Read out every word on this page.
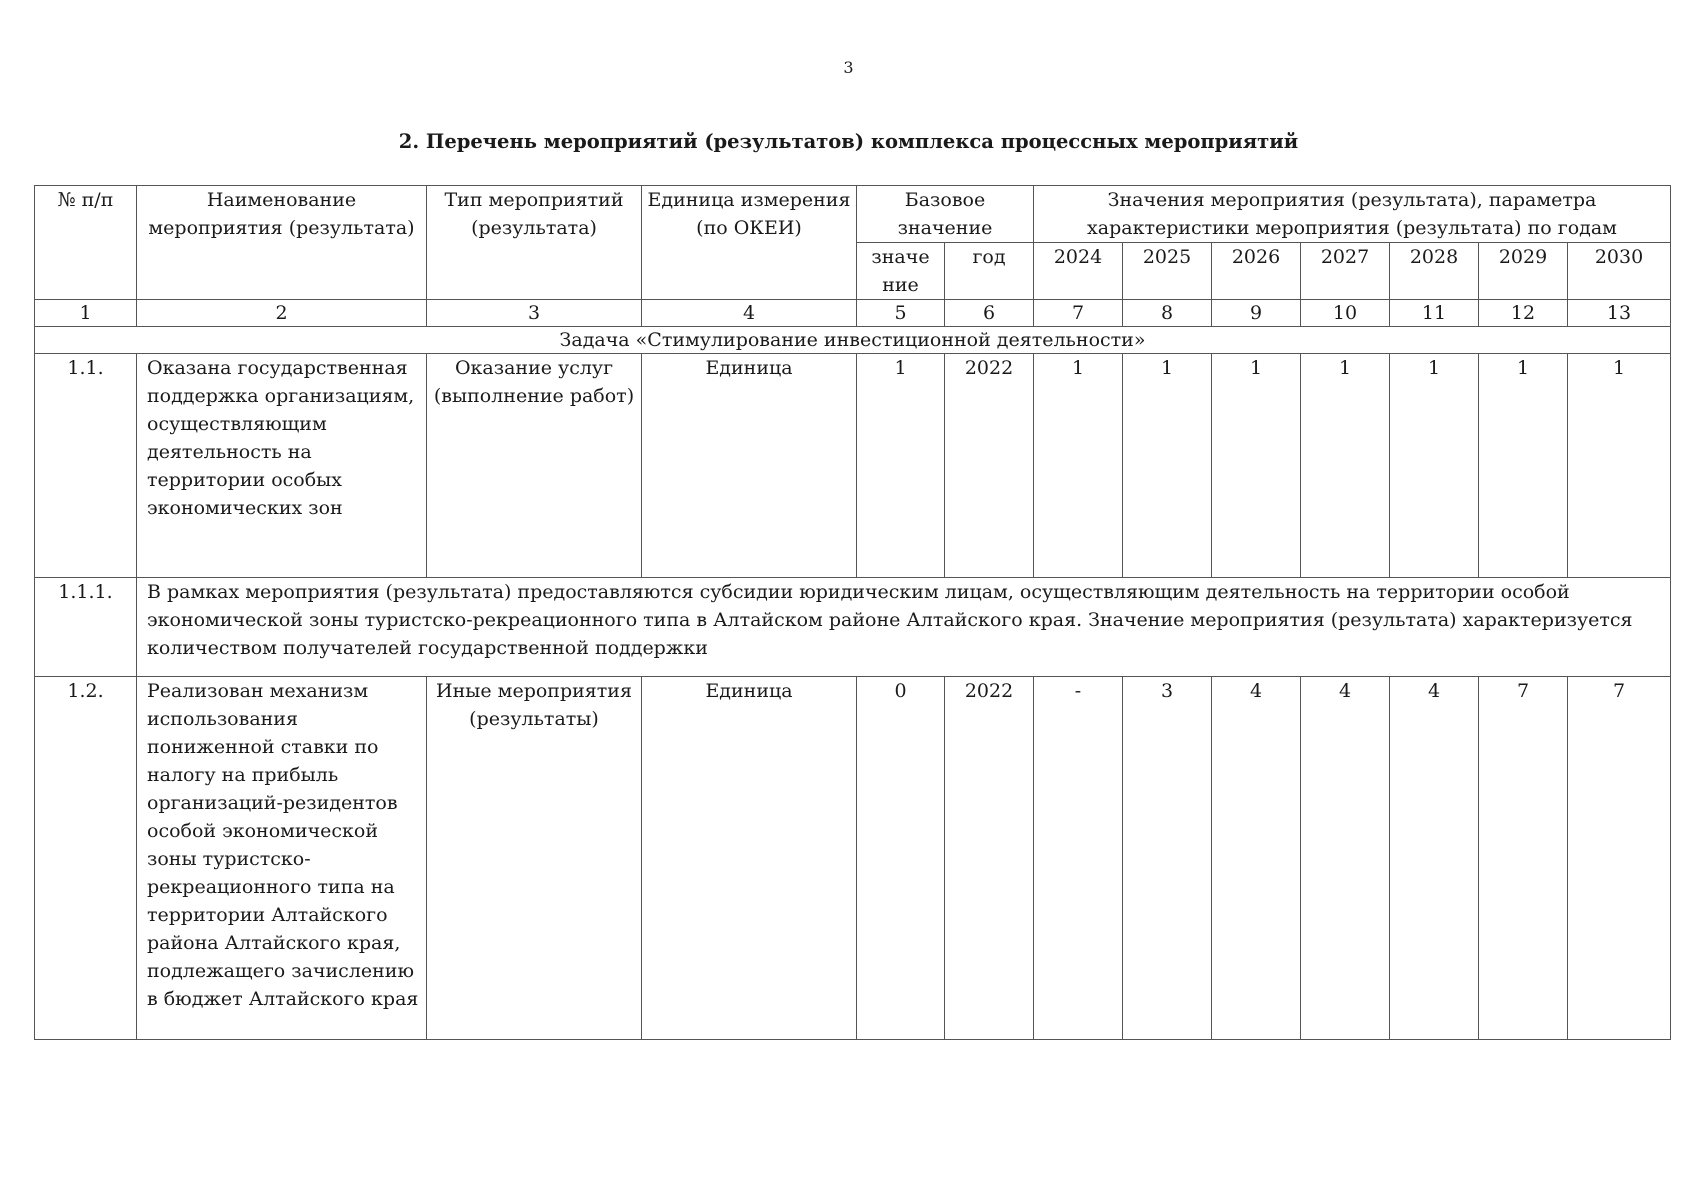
3
2. Перечень мероприятий (результатов) комплекса процессных мероприятий
№ п/п	Наименование мероприятия (результата)	Тип мероприятий (результата)	Единица измерения (по ОКЕИ)	Базовое значение		Значения мероприятия (результата), параметра характеристики мероприятия (результата) по годам						
				значе ние	год	2024	2025	2026	2027	2028	2029	2030
1	2	3	4	5	6	7	8	9	10	11	12	13
Задача «Стимулирование инвестиционной деятельности»												
1.1.	Оказана государственная поддержка организациям, осуществляющим деятельность на территории особых экономических зон	Оказание услуг (выполнение работ)	Единица	1	2022	1	1	1	1	1	1	1
1.1.1.	В рамках мероприятия (результата) предоставляются субсидии юридическим лицам, осуществляющим деятельность на территории особой экономической зоны туристско-рекреационного типа в Алтайском районе Алтайского края. Значение мероприятия (результата) характеризуется количеством получателей государственной поддержки											
1.2.	Реализован механизм использования пониженной ставки по налогу на прибыль организаций-резидентов особой экономической зоны туристско-рекреационного типа на территории Алтайского района Алтайского края, подлежащего зачислению в бюджет Алтайского края	Иные мероприятия (результаты)	Единица	0	2022	-	3	4	4	4	7	7
